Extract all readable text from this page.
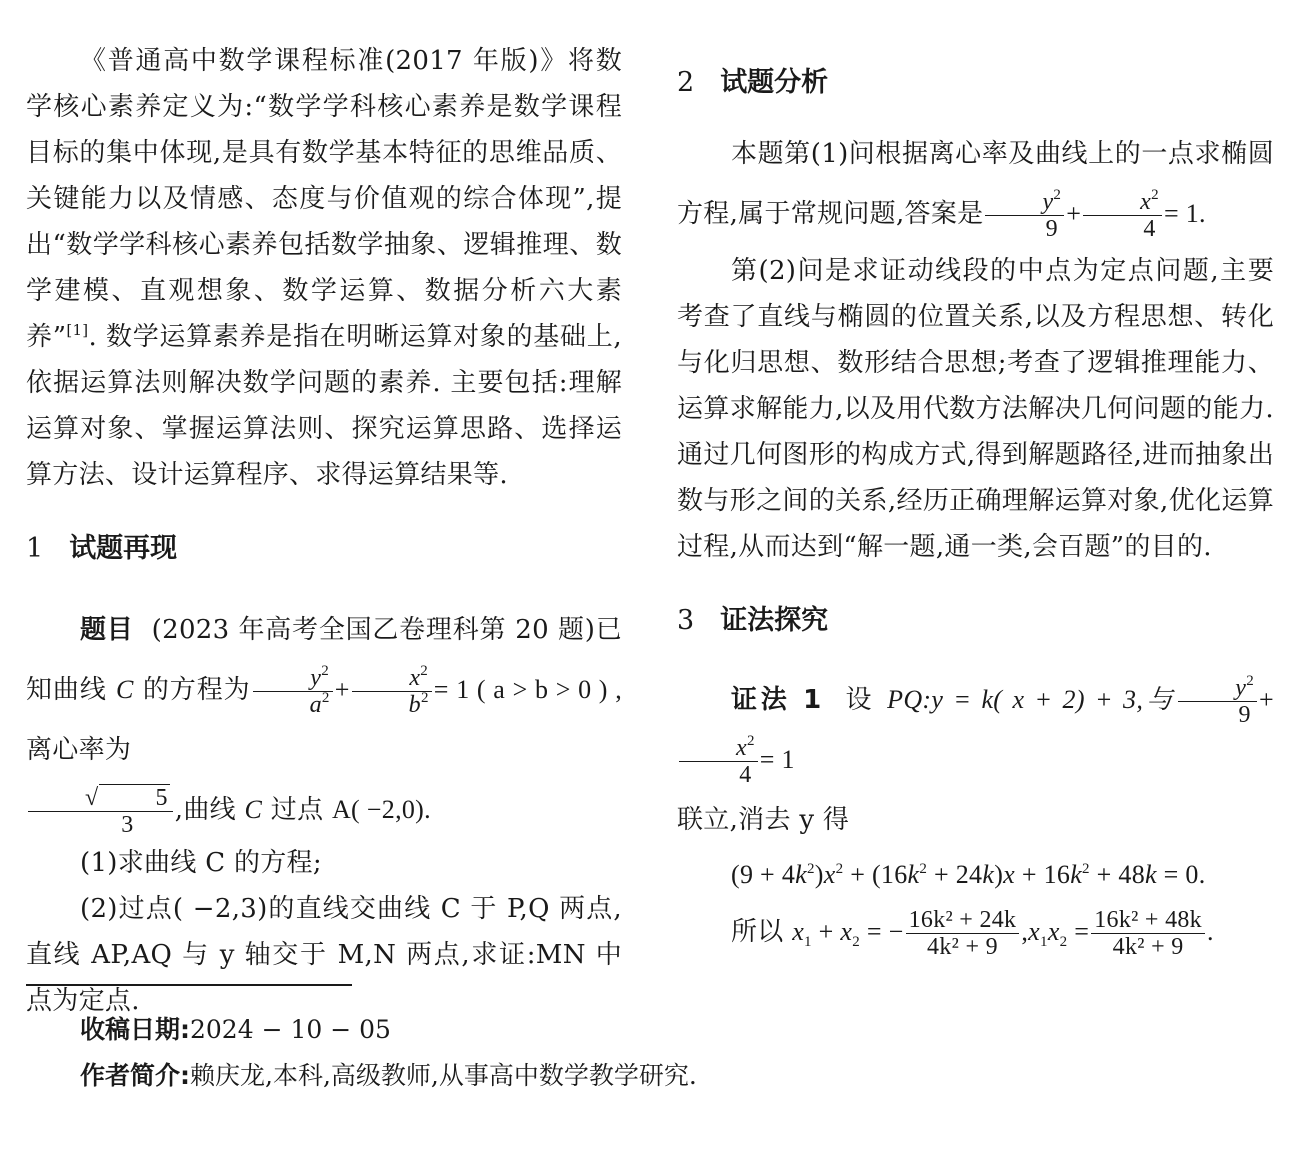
《普通高中数学课程标准(2017 年版)》将数学核心素养定义为:“数学学科核心素养是数学课程目标的集中体现,是具有数学基本特征的思维品质、关键能力以及情感、态度与价值观的综合体现”,提出“数学学科核心素养包括数学抽象、逻辑推理、数学建模、直观想象、数学运算、数据分析六大素养”[1]. 数学运算素养是指在明晰运算对象的基础上,依据运算法则解决数学问题的素养. 主要包括:理解运算对象、掌握运算法则、探究运算思路、选择运算方法、设计运算程序、求得运算结果等.

1 试题再现

题目 (2023 年高考全国乙卷理科第 20 题)已知曲线 C 的方程为 $\frac{y^2}{a^2} + \frac{x^2}{b^2} = 1$ ( a > b > 0 ) ,离心率为

$\frac{√ 5}{3}$ ,曲线 C 过点 A( −2,0).

(1)求曲线 C 的方程;

(2)过点( −2,3)的直线交曲线 C 于 P,Q 两点,直线 AP,AQ 与 y 轴交于 M,N 两点,求证:MN 中点为定点.

收稿日期:2024 − 10 − 05

作者简介:赖庆龙,本科,高级教师,从事高中数学教学研究.

2 试题分析

本题第(1)问根据离心率及曲线上的一点求椭圆方程,属于常规问题,答案是 $\frac{y^2}{9} + \frac{x^2}{4} = 1$.

第(2)问是求证动线段的中点为定点问题,主要考查了直线与椭圆的位置关系,以及方程思想、转化与化归思想、数形结合思想;考查了逻辑推理能力、运算求解能力,以及用代数方法解决几何问题的能力. 通过几何图形的构成方式,得到解题路径,进而抽象出数与形之间的关系,经历正确理解运算对象,优化运算过程,从而达到“解一题,通一类,会百题”的目的.

3 证法探究

证法 1 设 PQ:y = k( x + 2) + 3,与 $\frac{y^2}{9}$ +
$\frac{x^2}{4} = 1$
联立,消去 y 得

$(9 + 4k^2)x^2 + (16k^2 + 24k)x + 16k^2 + 48k = 0$.

所以 $x_1 + x_2$ = − $\frac{\text{16k² + 24k}}{\text{4k² + 9}} ,x_1x_2 = \frac{\text{16k² + 48k}}{\text{4k² + 9}}$ .
